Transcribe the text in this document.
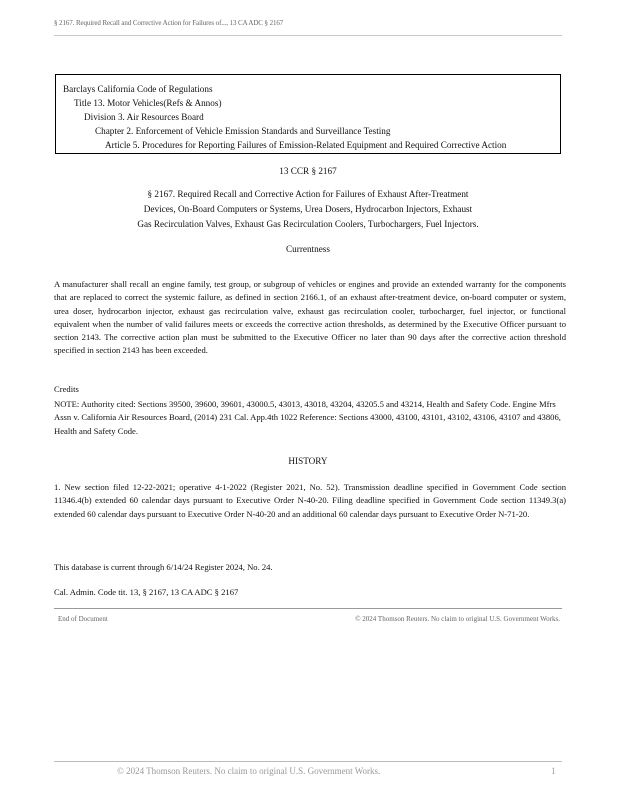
§ 2167. Required Recall and Corrective Action for Failures of..., 13 CA ADC § 2167
Barclays California Code of Regulations
Title 13. Motor Vehicles(Refs & Annos)
Division 3. Air Resources Board
Chapter 2. Enforcement of Vehicle Emission Standards and Surveillance Testing
Article 5. Procedures for Reporting Failures of Emission-Related Equipment and Required Corrective Action
13 CCR § 2167
§ 2167. Required Recall and Corrective Action for Failures of Exhaust After-Treatment
Devices, On-Board Computers or Systems, Urea Dosers, Hydrocarbon Injectors, Exhaust
Gas Recirculation Valves, Exhaust Gas Recirculation Coolers, Turbochargers, Fuel Injectors.
Currentness
A manufacturer shall recall an engine family, test group, or subgroup of vehicles or engines and provide an extended warranty for the components that are replaced to correct the systemic failure, as defined in section 2166.1, of an exhaust after-treatment device, on-board computer or system, urea doser, hydrocarbon injector, exhaust gas recirculation valve, exhaust gas recirculation cooler, turbocharger, fuel injector, or functional equivalent when the number of valid failures meets or exceeds the corrective action thresholds, as determined by the Executive Officer pursuant to section 2143. The corrective action plan must be submitted to the Executive Officer no later than 90 days after the corrective action threshold specified in section 2143 has been exceeded.
Credits
NOTE: Authority cited: Sections 39500, 39600, 39601, 43000.5, 43013, 43018, 43204, 43205.5 and 43214, Health and Safety Code. Engine Mfrs Assn v. California Air Resources Board, (2014) 231 Cal. App.4th 1022 Reference: Sections 43000, 43100, 43101, 43102, 43106, 43107 and 43806, Health and Safety Code.
HISTORY
1. New section filed 12-22-2021; operative 4-1-2022 (Register 2021, No. 52). Transmission deadline specified in Government Code section 11346.4(b) extended 60 calendar days pursuant to Executive Order N-40-20. Filing deadline specified in Government Code section 11349.3(a) extended 60 calendar days pursuant to Executive Order N-40-20 and an additional 60 calendar days pursuant to Executive Order N-71-20.
This database is current through 6/14/24 Register 2024, No. 24.
Cal. Admin. Code tit. 13, § 2167, 13 CA ADC § 2167
End of Document	© 2024 Thomson Reuters. No claim to original U.S. Government Works.
© 2024 Thomson Reuters. No claim to original U.S. Government Works.	1
